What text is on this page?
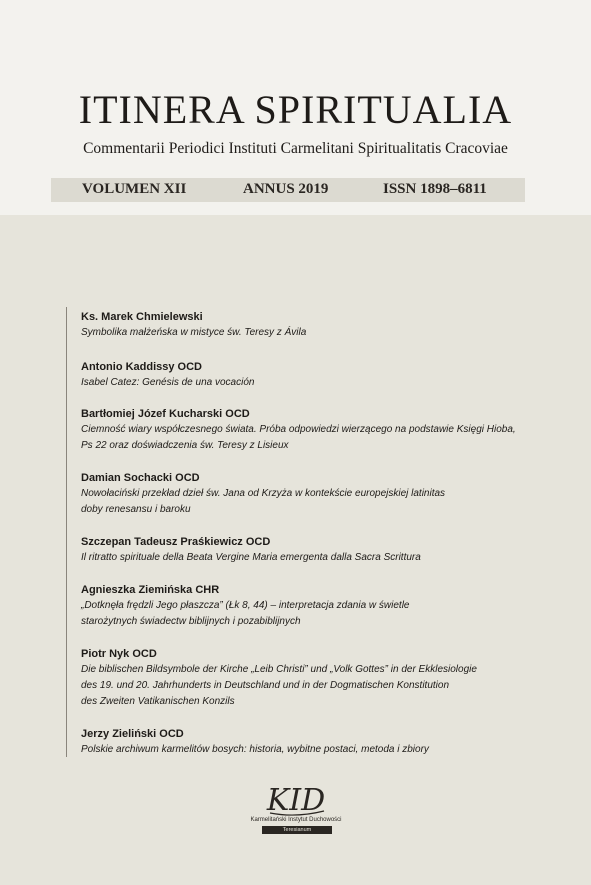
ITINERA SPIRITUALIA
Commentarii Periodici Instituti Carmelitani Spiritualitatis Cracoviae
VOLUMEN XII	ANNUS 2019	ISSN 1898–6811
Ks. Marek Chmielewski
Symbolika małżeńska w mistyce św. Teresy z Ávila
Antonio Kaddissy OCD
Isabel Catez: Genésis de una vocación
Bartłomiej Józef Kucharski OCD
Ciemność wiary współczesnego świata. Próba odpowiedzi wierzącego na podstawie Księgi Hioba,
Ps 22 oraz doświadczenia św. Teresy z Lisieux
Damian Sochacki OCD
Nowołaciński przekład dzieł św. Jana od Krzyża w kontekście europejskiej latinitas
doby renesansu i baroku
Szczepan Tadeusz Praśkiewicz OCD
Il ritratto spirituale della Beata Vergine Maria emergenta dalla Sacra Scrittura
Agnieszka Ziemińska CHR
„Dotknęła frędzli Jego płaszcza” (Łk 8, 44) – interpretacja zdania w świetle
starożytnych świadectw biblijnych i pozabiblijnych
Piotr Nyk OCD
Die biblischen Bildsymbole der Kirche „Leib Christi” und „Volk Gottes” in der Ekklesiologie
des 19. und 20. Jahrhunderts in Deutschland und in der Dogmatischen Konstitution
des Zweiten Vatikanischen Konzils
Jerzy Zieliński OCD
Polskie archiwum karmelitów bosych: historia, wybitne postaci, metoda i zbiory
KID
Karmelitański Instytut Duchowości
Teresianum
